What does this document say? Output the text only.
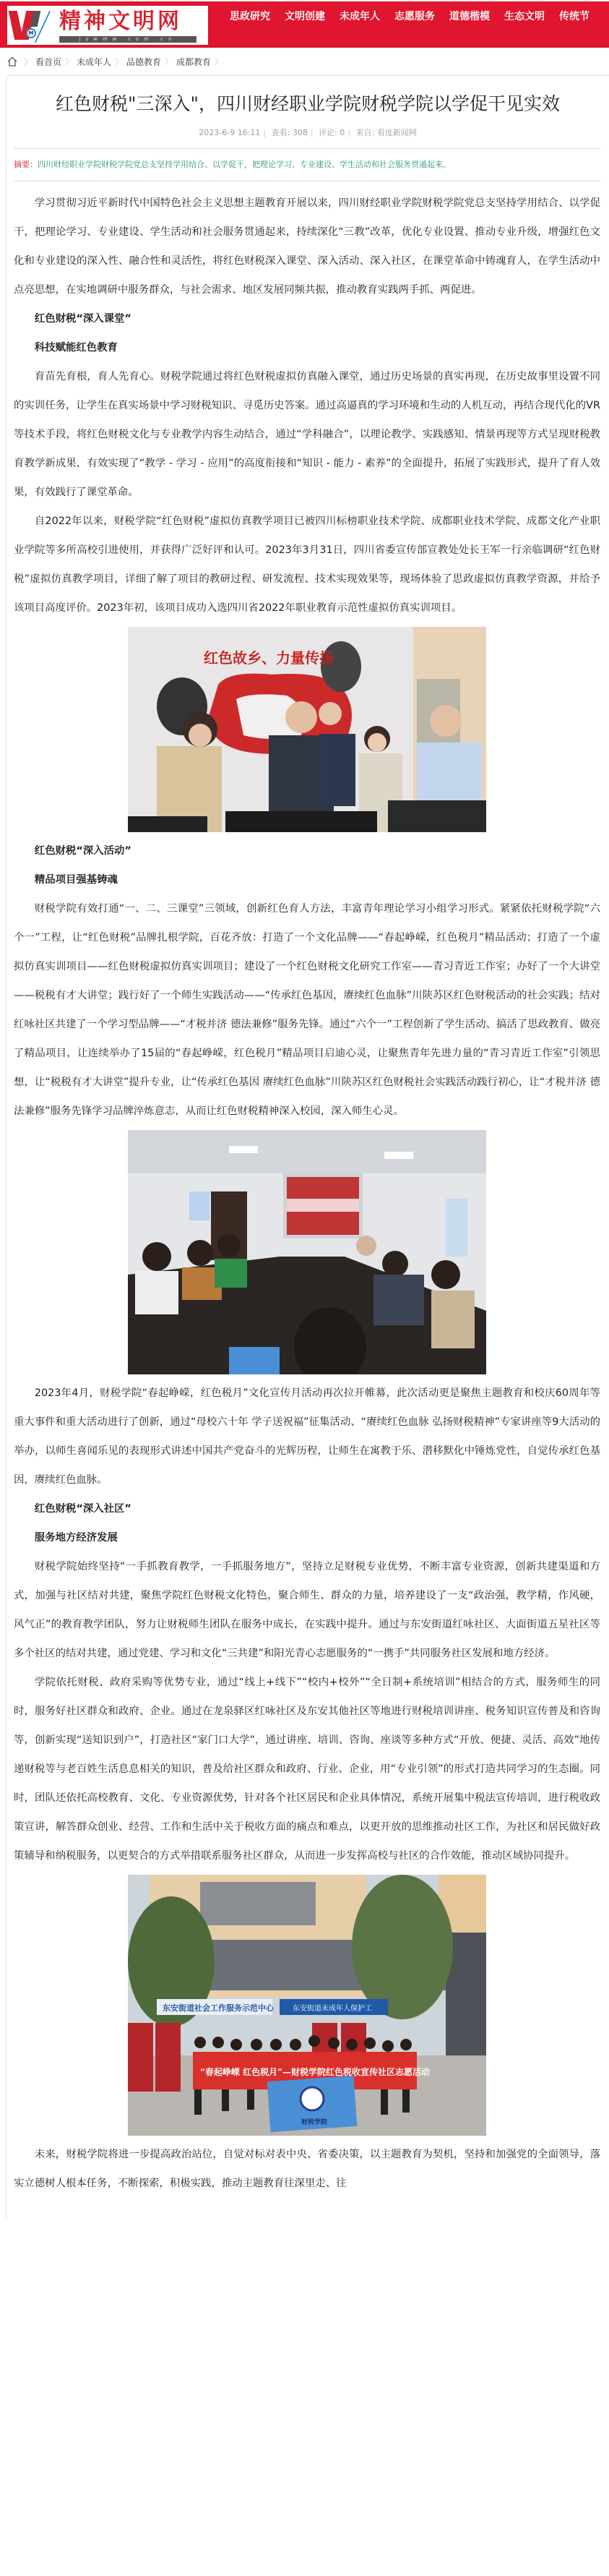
M 精神文明网
jswmw.com.cn
思政研究 文明创建 未成年人 志愿服务 道德楷模 生态文明 传统节
〉 看首页 〉 未成年人 〉 品德教育 〉 成都教育 〉
红色财税"三深入"，四川财经职业学院财税学院以学促干见实效
2023-6-9 16:11 | 查看: 308 | 评论: 0 | 来自: 看度新闻网
摘要：四川财经职业学院财税学院党总支坚持学用结合、以学促干，把理论学习、专业建设、学生活动和社会服务贯通起来。

学习贯彻习近平新时代中国特色社会主义思想主题教育开展以来，四川财经职业学院财税学院党总支坚持学用结合、以学促干，把理论学习、专业建设、学生活动和社会服务贯通起来，持续深化“三教”改革，优化专业设置、推动专业升级，增强红色文化和专业建设的深入性、融合性和灵活性，将红色财税深入课堂、深入活动、深入社区，在课堂革命中铸魂育人，在学生活动中点亮思想，在实地调研中服务群众，与社会需求、地区发展同频共振，推动教育实践两手抓、两促进。

红色财税“深入课堂”

科技赋能红色教育

育苗先育根，育人先育心。财税学院通过将红色财税虚拟仿真融入课堂，通过历史场景的真实再现，在历史故事里设置不同的实训任务，让学生在真实场景中学习财税知识、寻觅历史答案。通过高逼真的学习环境和生动的人机互动，再结合现代化的VR等技术手段，将红色财税文化与专业教学内容生动结合，通过“学科融合”，以理论教学、实践感知、情景再现等方式呈现财税教育教学新成果，有效实现了“教学 - 学习 - 应用”的高度衔接和“知识 - 能力 - 素养”的全面提升，拓展了实践形式，提升了育人效果，有效践行了课堂革命。

自2022年以来，财税学院“红色财税”虚拟仿真教学项目已被四川标榜职业技术学院、成都职业技术学院、成都文化产业职业学院等多所高校引进使用，并获得广泛好评和认可。2023年3月31日，四川省委宣传部宣教处处长王军一行亲临调研“红色财税”虚拟仿真教学项目，详细了解了项目的教研过程、研发流程、技术实现效果等，现场体验了思政虚拟仿真教学资源，并给予该项目高度评价。2023年初，该项目成功入选四川省2022年职业教育示范性虚拟仿真实训项目。

红色故乡、力量传扬

红色财税“深入活动”

精品项目强基铸魂

财税学院有效打通“一、二、三课堂”三领域，创新红色育人方法，丰富青年理论学习小组学习形式。紧紧依托财税学院“六个一”工程，让“红色财税”品牌扎根学院，百花齐放：打造了一个文化品牌——“春起峥嵘，红色税月”精品活动；打造了一个虚拟仿真实训项目——红色财税虚拟仿真实训项目；建设了一个红色财税文化研究工作室——青习青近工作室；办好了一个大讲堂——税税有才大讲堂；践行好了一个师生实践活动——“传承红色基因，赓续红色血脉”川陕苏区红色财税活动的社会实践；结对红咏社区共建了一个学习型品牌——“才税并济 德法兼修”服务先锋。通过“六个一”工程创新了学生活动、搞活了思政教育、做亮了精品项目，让连续举办了15届的“春起峥嵘，红色税月”精品项目启迪心灵，让聚焦青年先进力量的“青习青近工作室”引领思想，让“税税有才大讲堂”提升专业，让“传承红色基因 赓续红色血脉”川陕苏区红色财税社会实践活动践行初心，让“才税并济 德法兼修”服务先锋学习品牌淬炼意志，从而让红色财税精神深入校园，深入师生心灵。

2023年4月，财税学院“春起峥嵘，红色税月”文化宣传月活动再次拉开帷幕，此次活动更是聚焦主题教育和校庆60周年等重大事件和重大活动进行了创新，通过“母校六十年 学子送祝福”征集活动、“赓续红色血脉 弘扬财税精神”专家讲座等9大活动的举办，以师生喜闻乐见的表现形式讲述中国共产党奋斗的光辉历程，让师生在寓教于乐、潜移默化中锤炼党性，自觉传承红色基因，赓续红色血脉。

红色财税“深入社区”

服务地方经济发展

财税学院始终坚持“一手抓教育教学，一手抓服务地方”，坚持立足财税专业优势，不断丰富专业资源，创新共建渠道和方式，加强与社区结对共建，聚焦学院红色财税文化特色，聚合师生、群众的力量，培养建设了一支“政治强，教学精，作风硬，风气正”的教育教学团队，努力让财税师生团队在服务中成长，在实践中提升。通过与东安街道红咏社区、大面街道五星社区等多个社区的结对共建，通过党建、学习和文化“三共建”和阳光青心志愿服务的“一携手”共同服务社区发展和地方经济。

学院依托财税、政府采购等优势专业，通过“线上+线下”“校内+校外”“全日制+系统培训”相结合的方式，服务师生的同时，服务好社区群众和政府、企业。通过在龙泉驿区红咏社区及东安其他社区等地进行财税培训讲座、税务知识宣传普及和咨询等，创新实现“送知识到户”，打造社区“家门口大学”，通过讲座、培训、咨询、座谈等多种方式“开放、便捷、灵活、高效”地传递财税等与老百姓生活息息相关的知识，普及给社区群众和政府、行业、企业，用“专业引领”的形式打造共同学习的生态圈。同时，团队还依托高校教育、文化、专业资源优势，针对各个社区居民和企业具体情况，系统开展集中税法宣传培训，进行税收政策宣讲，解答群众创业、经营、工作和生活中关于税收方面的痛点和难点，以更开放的思维推动社区工作，为社区和居民做好政策辅导和纳税服务，以更契合的方式举措联系服务社区群众，从而进一步发挥高校与社区的合作效能，推动区域协同提升。

东安街道社会工作服务示范中心	东安街道未成年人保护工
“春起峥嵘 红色税月”—财税学院红色税收宣传社区志愿活动
财税学院

未来，财税学院将进一步提高政治站位，自觉对标对表中央、省委决策，以主题教育为契机，坚持和加强党的全面领导，落实立德树人根本任务，不断探索，积极实践，推动主题教育往深里走、往
